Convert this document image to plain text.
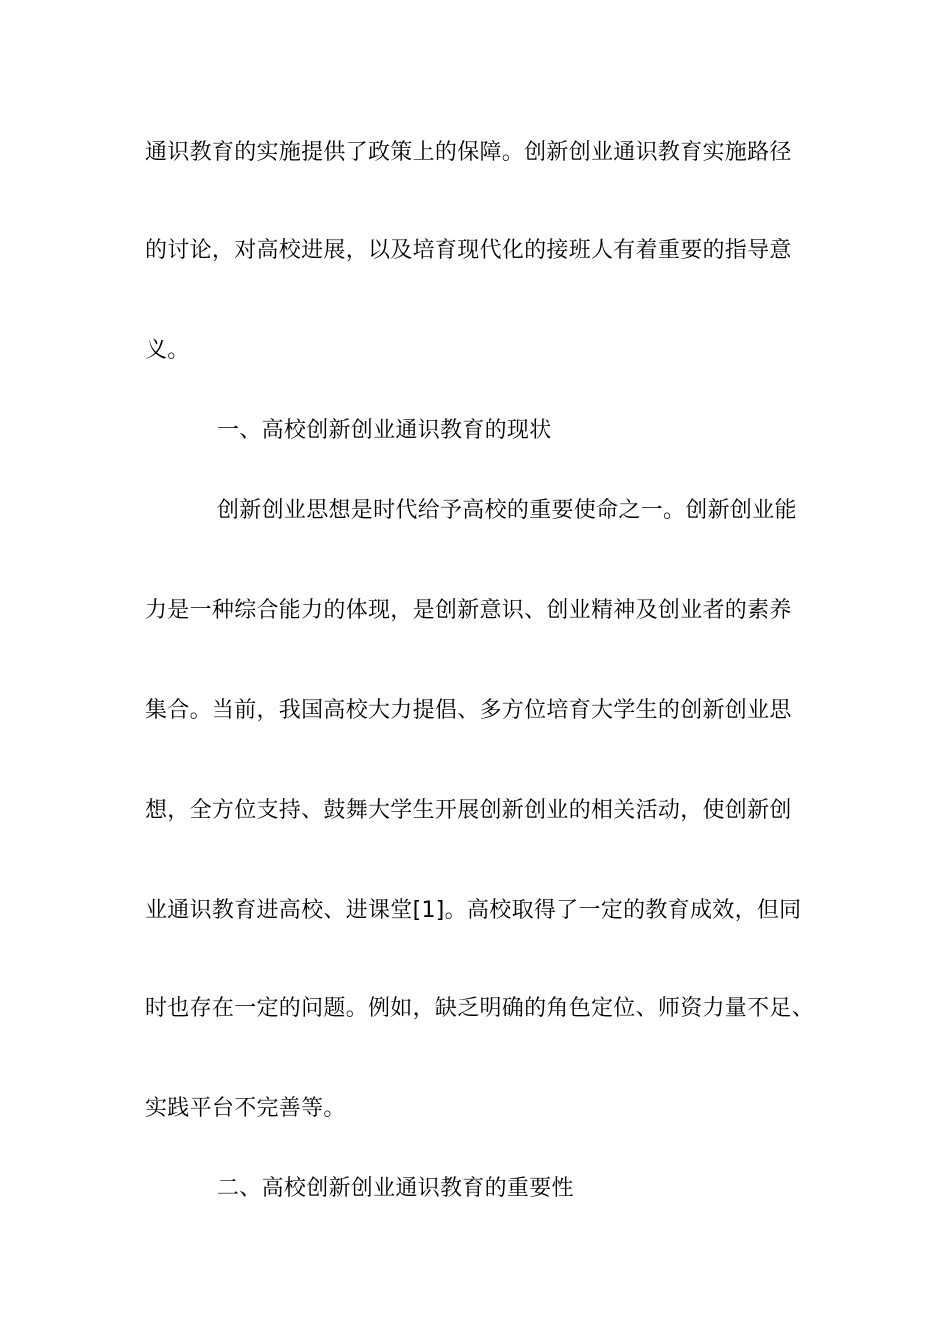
通识教育的实施提供了政策上的保障。创新创业通识教育实施路径
的讨论，对高校进展，以及培育现代化的接班人有着重要的指导意
义。
一、高校创新创业通识教育的现状
创新创业思想是时代给予高校的重要使命之一。创新创业能
力是一种综合能力的体现，是创新意识、创业精神及创业者的素养
集合。当前，我国高校大力提倡、多方位培育大学生的创新创业思
想，全方位支持、鼓舞大学生开展创新创业的相关活动，使创新创
业通识教育进高校、进课堂[1]。高校取得了一定的教育成效，但同
时也存在一定的问题。例如，缺乏明确的角色定位、师资力量不足、
实践平台不完善等。
二、高校创新创业通识教育的重要性
